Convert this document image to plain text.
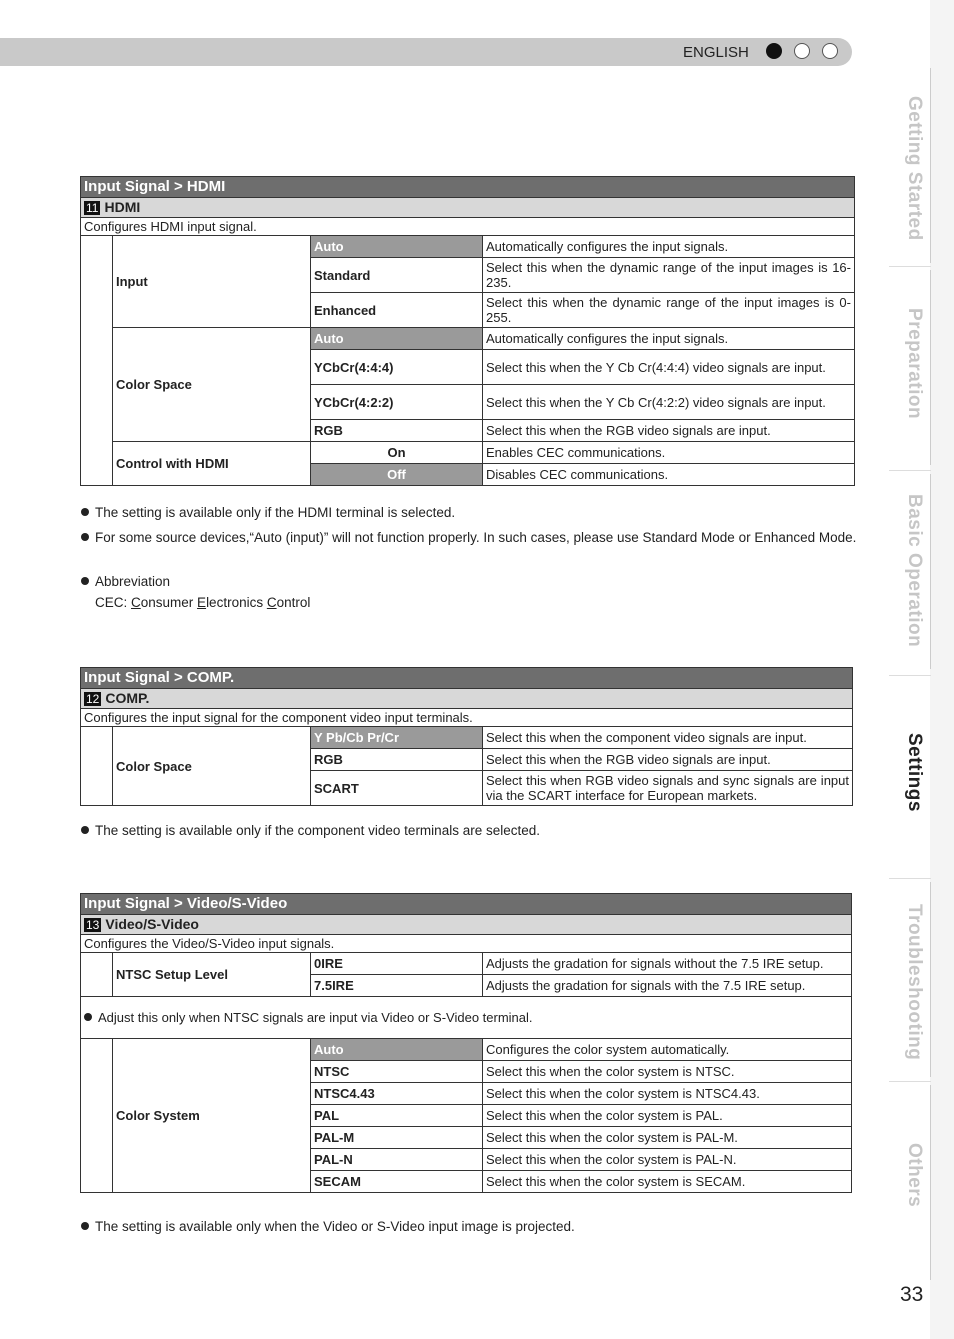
ENGLISH
Getting Started
Preparation
Basic Operation
Settings
Troubleshooting
Others
33
Input Signal > HDMI			
11 HDMI			
Configures HDMI input signal.			
	Input	Auto	Automatically configures the input signals.
		Standard	Select this when the dynamic range of the input images is 16-235.
		Enhanced	Select this when the dynamic range of the input images is 0-255.
	Color Space	Auto	Automatically configures the input signals.
		YCbCr(4:4:4)	Select this when the Y Cb Cr(4:4:4) video signals are input.
		YCbCr(4:2:2)	Select this when the Y Cb Cr(4:2:2) video signals are input.
		RGB	Select this when the RGB video signals are input.
	Control with HDMI	On	Enables CEC communications.
		Off	Disables CEC communications.
The setting is available only if the HDMI terminal is selected.
For some source devices,“Auto (input)” will not function properly. In such cases, please use Standard Mode or Enhanced Mode.
Abbreviation
CEC: Consumer Electronics Control
Input Signal > COMP.			
12 COMP.			
Configures the input signal for the component video input terminals.			
	Color Space	Y Pb/Cb Pr/Cr	Select this when the component video signals are input.
		RGB	Select this when the RGB video signals are input.
		SCART	Select this when RGB video signals and sync signals are input via the SCART interface for European markets.
The setting is available only if the component video terminals are selected.
Input Signal > Video/S-Video			
13 Video/S-Video			
Configures the Video/S-Video input signals.			
	NTSC Setup Level	0IRE	Adjusts the gradation for signals without the 7.5 IRE setup.
		7.5IRE	Adjusts the gradation for signals with the 7.5 IRE setup.
Adjust this only when NTSC signals are input via Video or S-Video terminal.			
	Color System	Auto	Configures the color system automatically.
		NTSC	Select this when the color system is NTSC.
		NTSC4.43	Select this when the color system is NTSC4.43.
		PAL	Select this when the color system is PAL.
		PAL-M	Select this when the color system is PAL-M.
		PAL-N	Select this when the color system is PAL-N.
		SECAM	Select this when the color system is SECAM.
The setting is available only when the Video or S-Video input image is projected.
